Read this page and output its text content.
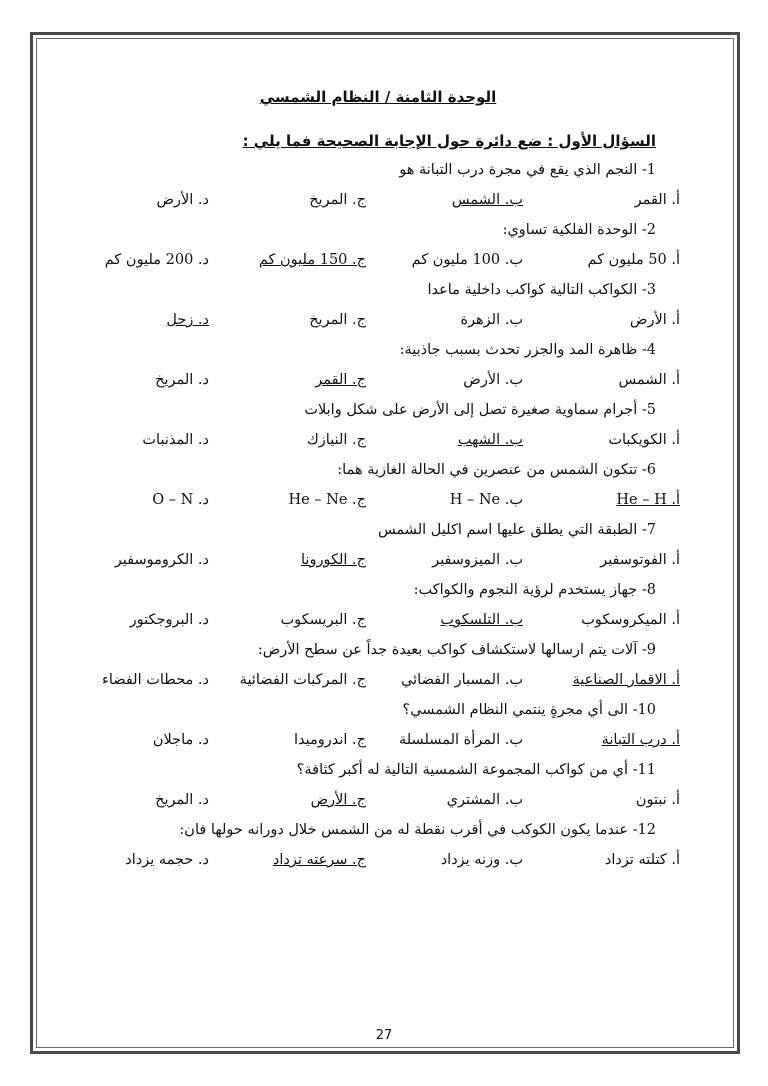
الوحدة الثامنة / النظام الشمسي
السؤال الأول : ضع دائرة حول الإجابة الصحيحة فما يلي :
1- النجم الذي يقع في مجرة درب التبانة هو
أ. القمر
ب. الشمس
ج. المريخ
د. الأرض
2- الوحدة الفلكية تساوي:
أ. 50 مليون كم
ب. 100 مليون كم
ج. 150 مليون كم
د. 200 مليون كم
3- الكواكب التالية كواكب داخلية ماعدا
أ. الأرض
ب. الزهرة
ج. المريخ
د. زحل
4- ظاهرة المد والجزر تحدث بسبب جاذبية:
أ. الشمس
ب. الأرض
ج. القمر
د. المريخ
5- أجرام سماوية صغيرة تصل إلى الأرض على شكل وابلات
أ. الكويكبات
ب. الشهب
ج. النيازك
د. المذنبات
6- تتكون الشمس من عنصرين في الحالة الغازية هما:
أ. He – H
ب. H – Ne
ج. He – Ne
د. O – N
7- الطبقة التي يطلق عليها اسم اكليل الشمس
أ. الفوتوسفير
ب. الميزوسفير
ج. الكورونا
د. الكروموسفير
8- جهاز يستخدم لرؤية النجوم والكواكب:
أ. الميكروسكوب
ب. التلسكوب
ج. البريسكوب
د. البروجكتور
9- آلات يتم ارسالها لاستكشاف كواكب بعيدة جداً عن سطح الأرض:
أ. الاقمار الصناعية
ب. المسبار الفضائي
ج. المركبات الفضائية
د. محطات الفضاء
10- الى أي مجرةٍ ينتمي النظام الشمسي؟
أ. درب التبانة
ب. المرأة المسلسلة
ج. اندروميدا
د. ماجلان
11- أي من كواكب المجموعة الشمسية التالية له أكبر كثافة؟
أ. نبتون
ب. المشتري
ج. الأرض
د. المريخ
12- عندما يكون الكوكب في أقرب نقطة له من الشمس خلال دورانه حولها فان:
أ. كتلته تزداد
ب. وزنه يزداد
ج. سرعته تزداد
د. حجمه يزداد
27
